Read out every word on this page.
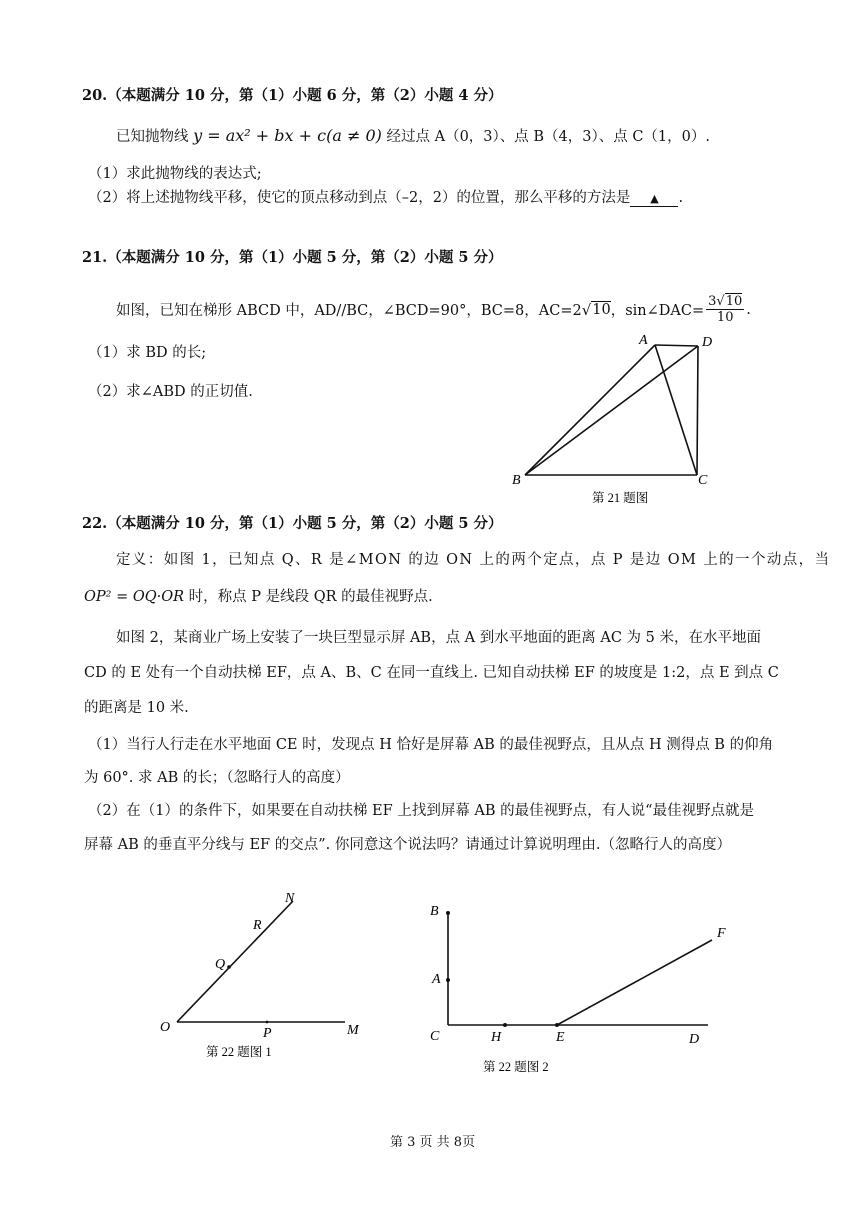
20.（本题满分 10 分，第（1）小题 6 分，第（2）小题 4 分）
已知抛物线 y = ax² + bx + c(a ≠ 0) 经过点 A（0，3）、点 B（4，3）、点 C（1，0）.
（1）求此抛物线的表达式;
（2）将上述抛物线平移，使它的顶点移动到点（–2，2）的位置，那么平移的方法是 ▲ .
21.（本题满分 10 分，第（1）小题 5 分，第（2）小题 5 分）
如图，已知在梯形 ABCD 中，AD//BC，∠BCD=90°，BC=8，AC=2 √ 10 ，sin∠DAC= $\frac{3√10}{10}$ .
（1）求 BD 的长;
（2）求∠ABD 的正切值.
A	D
B	C
第 21 题图
22.（本题满分 10 分，第（1）小题 5 分，第（2）小题 5 分）
定义：如图 1，已知点 Q、R 是∠MON 的边 ON 上的两个定点，点 P 是边 OM 上的一个动点，当
OP² = OQ·OR 时，称点 P 是线段 QR 的最佳视野点.
如图 2，某商业广场上安装了一块巨型显示屏 AB，点 A 到水平地面的距离 AC 为 5 米，在水平地面
CD 的 E 处有一个自动扶梯 EF，点 A、B、C 在同一直线上. 已知自动扶梯 EF 的坡度是 1:2，点 E 到点 C
的距离是 10 米.
（1）当行人行走在水平地面 CE 时，发现点 H 恰好是屏幕 AB 的最佳视野点，且从点 H 测得点 B 的仰角
为 60°. 求 AB 的长；（忽略行人的高度）
（2）在（1）的条件下，如果要在自动扶梯 EF 上找到屏幕 AB 的最佳视野点，有人说“最佳视野点就是
屏幕 AB 的垂直平分线与 EF 的交点”. 你同意这个说法吗？请通过计算说明理由.（忽略行人的高度）
N
R
Q
O	P	M
第 22 题图 1
B
A
C	H	E	D
F
第 22 题图 2
第 3 页 共 8页
